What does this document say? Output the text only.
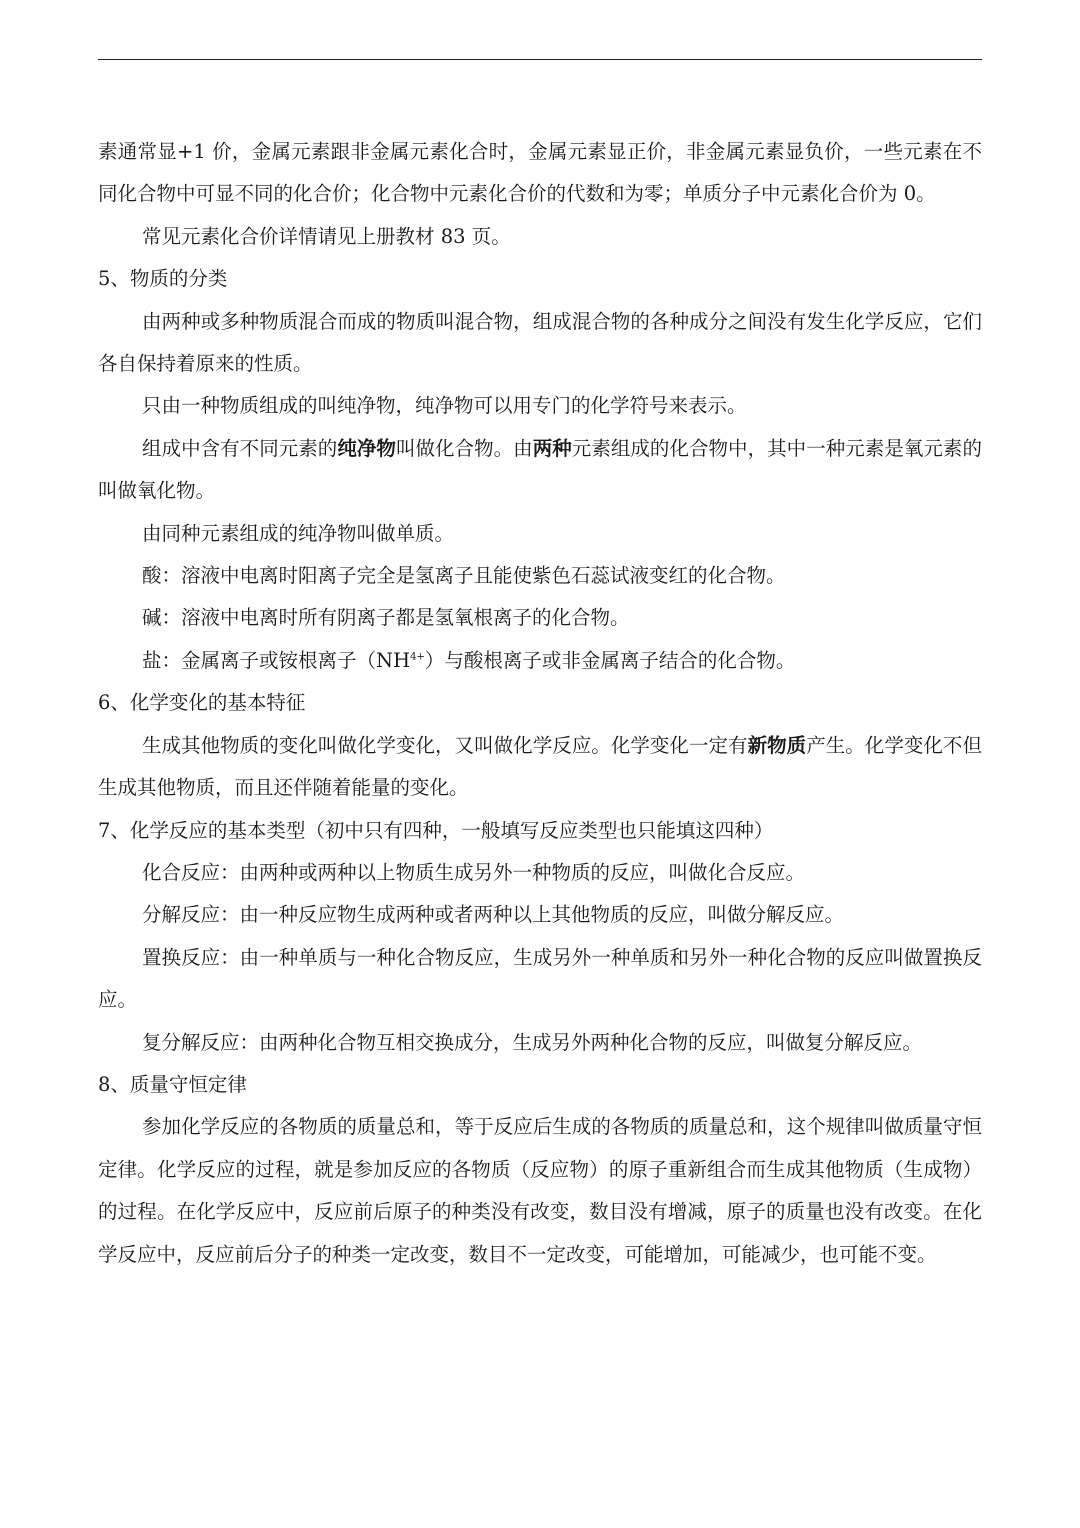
素通常显+1 价，金属元素跟非金属元素化合时，金属元素显正价，非金属元素显负价，一些元素在不同化合物中可显不同的化合价；化合物中元素化合价的代数和为零；单质分子中元素化合价为 0。

常见元素化合价详情请见上册教材 83 页。

5、物质的分类

由两种或多种物质混合而成的物质叫混合物，组成混合物的各种成分之间没有发生化学反应，它们各自保持着原来的性质。

只由一种物质组成的叫纯净物，纯净物可以用专门的化学符号来表示。

组成中含有不同元素的纯净物叫做化合物。由两种元素组成的化合物中，其中一种元素是氧元素的叫做氧化物。

由同种元素组成的纯净物叫做单质。

酸：溶液中电离时阳离子完全是氢离子且能使紫色石蕊试液变红的化合物。

碱：溶液中电离时所有阴离子都是氢氧根离子的化合物。

盐：金属离子或铵根离子$(NH^{4+})$与酸根离子或非金属离子结合的化合物。

6、化学变化的基本特征

生成其他物质的变化叫做化学变化，又叫做化学反应。化学变化一定有新物质产生。化学变化不但生成其他物质，而且还伴随着能量的变化。

7、化学反应的基本类型（初中只有四种，一般填写反应类型也只能填这四种）

化合反应：由两种或两种以上物质生成另外一种物质的反应，叫做化合反应。

分解反应：由一种反应物生成两种或者两种以上其他物质的反应，叫做分解反应。

置换反应：由一种单质与一种化合物反应，生成另外一种单质和另外一种化合物的反应叫做置换反应。

复分解反应：由两种化合物互相交换成分，生成另外两种化合物的反应，叫做复分解反应。

8、质量守恒定律

参加化学反应的各物质的质量总和，等于反应后生成的各物质的质量总和，这个规律叫做质量守恒定律。化学反应的过程，就是参加反应的各物质（反应物）的原子重新组合而生成其他物质（生成物）的过程。在化学反应中，反应前后原子的种类没有改变，数目没有增减，原子的质量也没有改变。在化学反应中，反应前后分子的种类一定改变，数目不一定改变，可能增加，可能减少，也可能不变。
